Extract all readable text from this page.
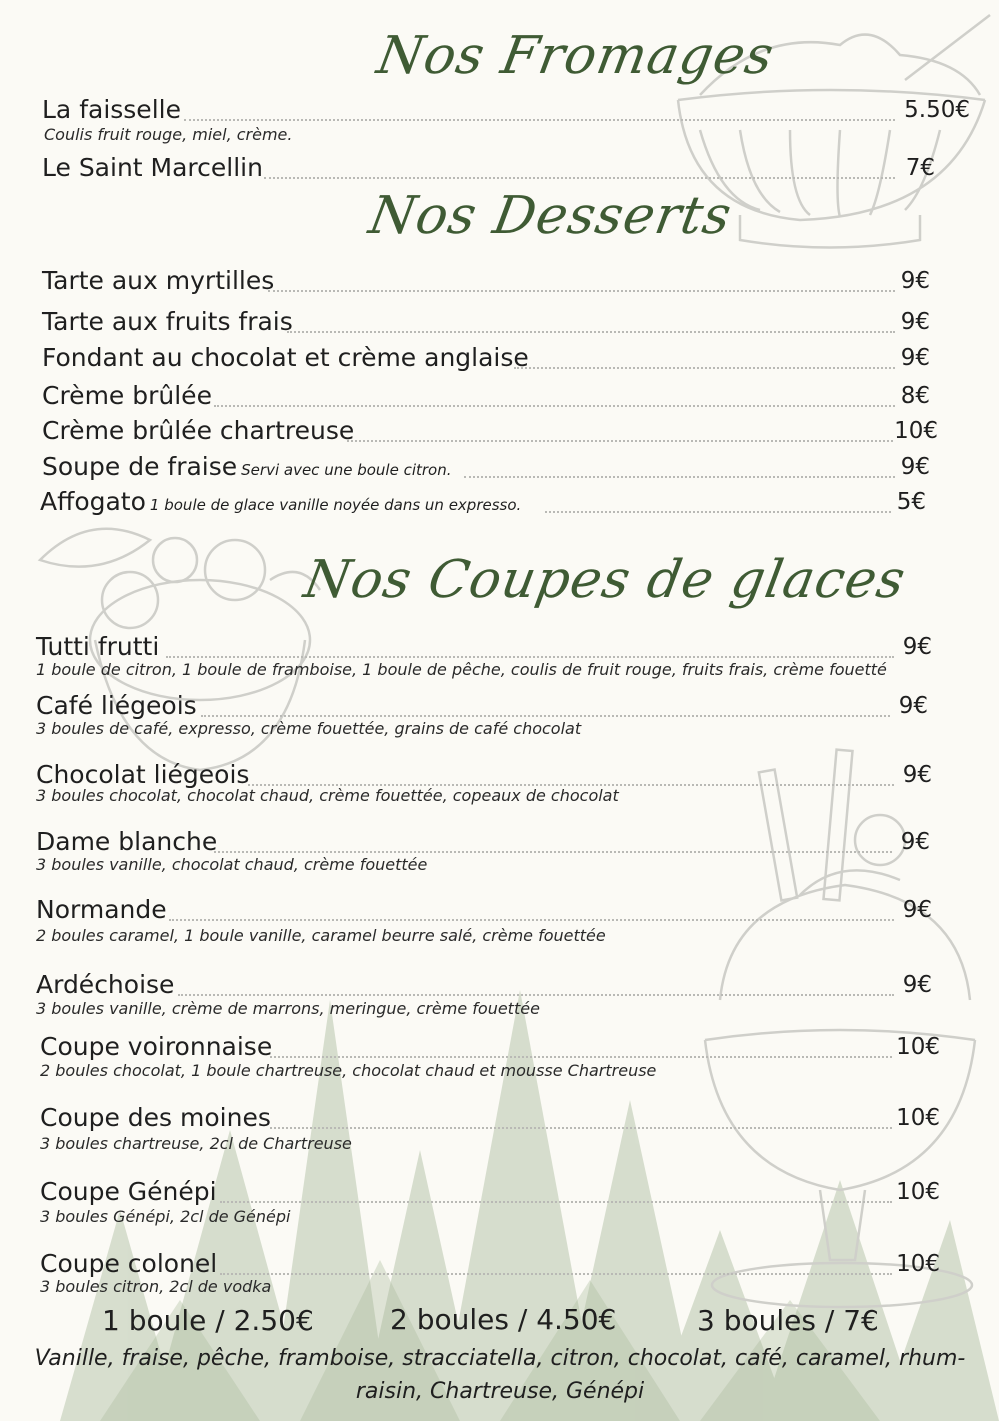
Nos Fromages
La faisselle	5.50€
Coulis fruit rouge, miel, crème.
Le Saint Marcellin	7€
Nos Desserts
Tarte aux myrtilles	9€
Tarte aux fruits frais	9€
Fondant au chocolat et crème anglaise	9€
Crème brûlée	8€
Crème brûlée chartreuse	10€
Soupe de fraise Servi avec une boule citron.	9€
Affogato 1 boule de glace vanille noyée dans un expresso.	5€
Nos Coupes de glaces
Tutti frutti	9€
1 boule de citron, 1 boule de framboise, 1 boule de pêche, coulis de fruit rouge, fruits frais, crème fouetté
Café liégeois	9€
3 boules de café, expresso, crème fouettée, grains de café chocolat
Chocolat liégeois	9€
3 boules chocolat, chocolat chaud, crème fouettée, copeaux de chocolat
Dame blanche	9€
3 boules vanille, chocolat chaud, crème fouettée
Normande	9€
2 boules caramel, 1 boule vanille, caramel beurre salé, crème fouettée
Ardéchoise	9€
3 boules vanille, crème de marrons, meringue, crème fouettée
Coupe voironnaise	10€
2 boules chocolat, 1 boule chartreuse, chocolat chaud et mousse Chartreuse
Coupe des moines	10€
3 boules chartreuse, 2cl de Chartreuse
Coupe Génépi	10€
3 boules Génépi, 2cl de Génépi
Coupe colonel	10€
3 boules citron, 2cl de vodka
1 boule / 2.50€	2 boules / 4.50€	3 boules / 7€
Vanille, fraise, pêche, framboise, stracciatella, citron, chocolat, café, caramel, rhum-raisin, Chartreuse, Génépi
